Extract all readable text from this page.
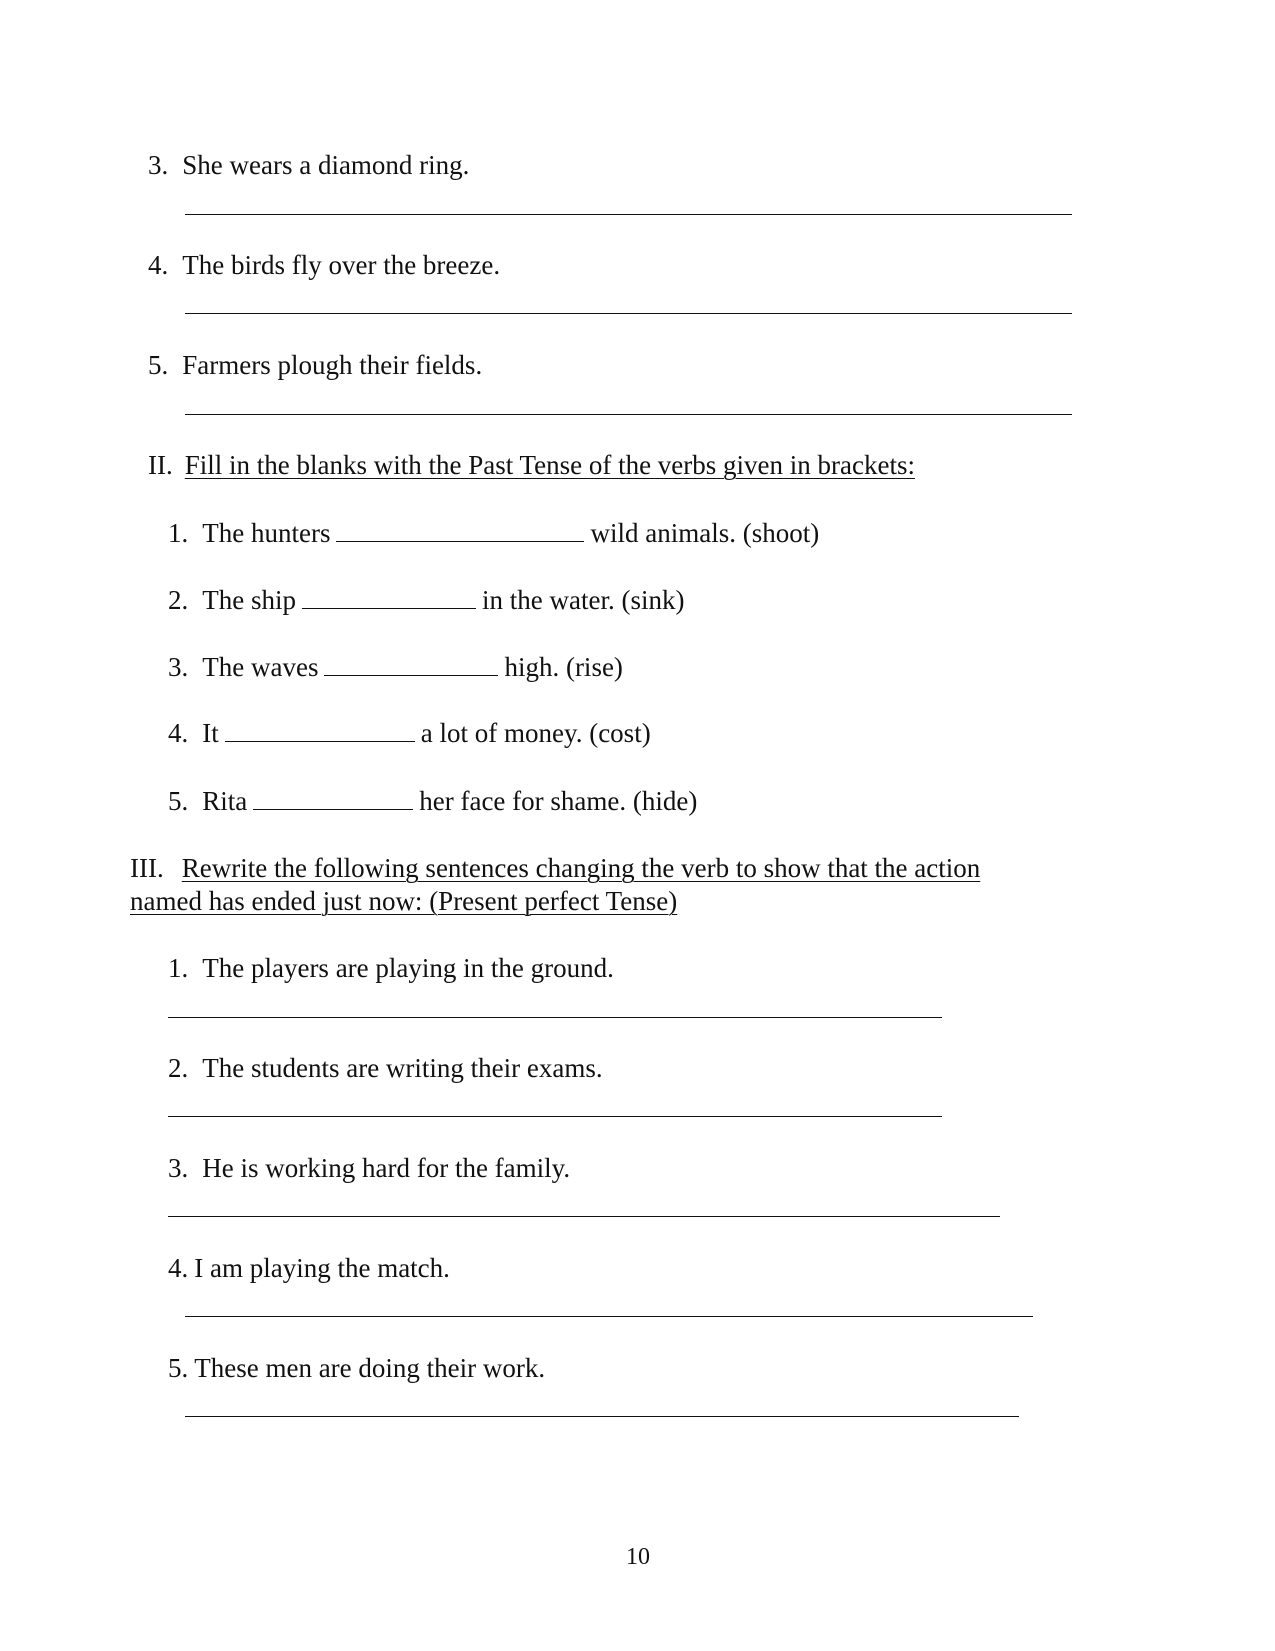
3. She wears a diamond ring.
4. The birds fly over the breeze.
5. Farmers plough their fields.
II. Fill in the blanks with the Past Tense of the verbs given in brackets:
1. The hunters	wild animals. (shoot)
2. The ship	in the water. (sink)
3. The waves	high. (rise)
4. It	a lot of money. (cost)
5. Rita	her face for shame. (hide)
III. Rewrite the following sentences changing the verb to show that the action
named has ended just now: (Present perfect Tense)
1. The players are playing in the ground.
2. The students are writing their exams.
3. He is working hard for the family.
4. I am playing the match.
5. These men are doing their work.
10
